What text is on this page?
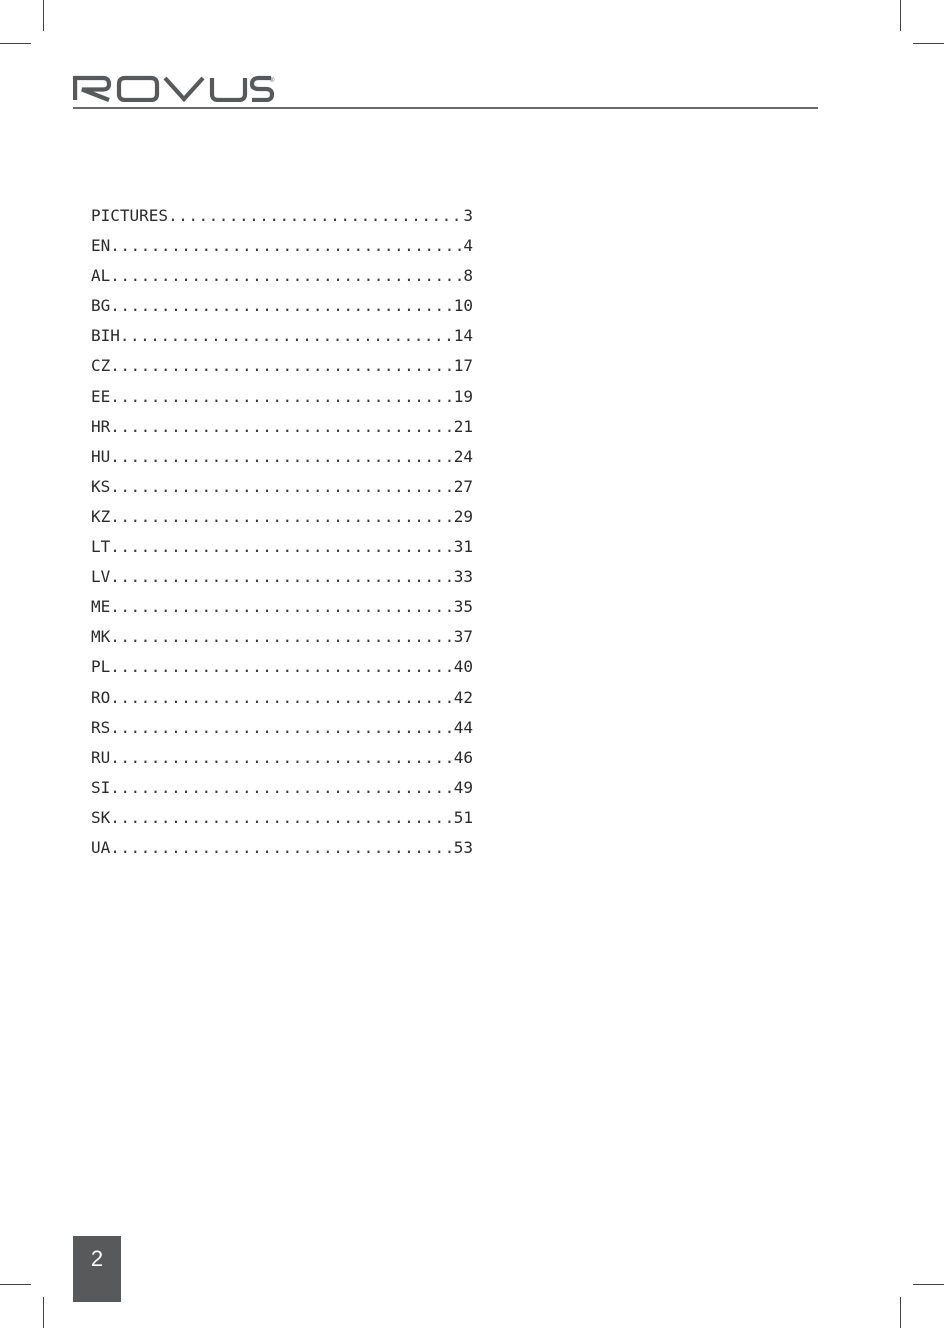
®
PICTURES .....	3
EN .....	4
AL .....	8
BG .....	10
BIH .....	14
CZ .....	17
EE .....	19
HR .....	21
HU .....	24
KS .....	27
KZ .....	29
LT .....	31
LV .....	33
ME .....	35
MK .....	37
PL .....	40
RO .....	42
RS .....	44
RU .....	46
SI .....	49
SK .....	51
UA .....	53
2
